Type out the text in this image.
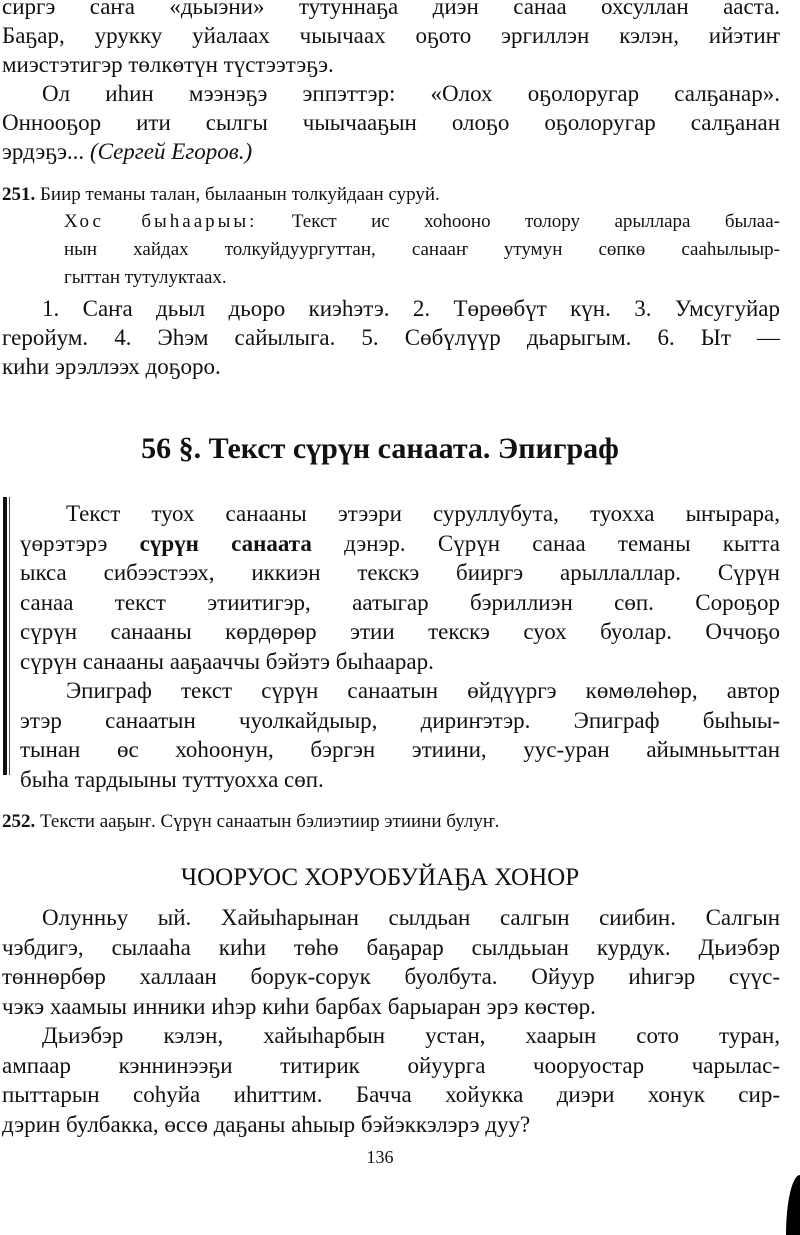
сиргэ саҥа «дьыэни» тутуннаҕа диэн санаа охсуллан ааста.
Баҕар, урукку уйалаах чыычаах оҕото эргиллэн кэлэн, ийэтиҥ
миэстэтигэр төлкөтүн түстээтэҕэ.
Ол иһин мээнэҕэ эппэттэр: «Олох оҕолоругар салҕанар».
Оннооҕор ити сылгы чыычааҕын олоҕо оҕолоругар салҕанан
эрдэҕэ... (Сергей Егоров.)
251. Биир теманы талан, былаанын толкуйдаан суруй.
Хос быһаарыы: Текст ис хоһооно толору арыллара былаа-
нын хайдах толкуйдуургуттан, санааҥ утумун сөпкө сааһылыыр-
гыттан тутулуктаах.
1. Саҥа дьыл дьоро киэһэтэ. 2. Төрөөбүт күн. 3. Умсугуйар
геройум. 4. Эһэм сайылыга. 5. Сөбүлүүр дьарыгым. 6. Ыт —
киһи эрэллээх доҕоро.
56 §. Текст сүрүн санаата. Эпиграф
Текст туох санааны этээри суруллубута, туохха ыҥырара,
үөрэтэрэ сүрүн санаата дэнэр. Сүрүн санаа теманы кытта
ыкса сибээстээх, иккиэн текскэ бииргэ арыллаллар. Сүрүн
санаа текст этиитигэр, аатыгар бэриллиэн сөп. Сороҕор
сүрүн санааны көрдөрөр этии текскэ суох буолар. Оччоҕо
сүрүн санааны ааҕааччы бэйэтэ быһаарар.
Эпиграф текст сүрүн санаатын өйдүүргэ көмөлөһөр, автор
этэр санаатын чуолкайдыыр, дириҥэтэр. Эпиграф быһыы-
тынан өс хоһоонун, бэргэн этиини, уус-уран айымньыттан
быһа тардыыны туттуохха сөп.
252. Тексти ааҕыҥ. Сүрүн санаатын бэлиэтиир этиини булуҥ.
ЧООРУОС ХОРУОБУЙАҔА ХОНОР
Олунньу ый. Хайыһарынан сылдьан салгын сиибин. Салгын
чэбдигэ, сылааһа киһи төһө баҕарар сылдьыан курдук. Дьиэбэр
төннөрбөр халлаан борук-сорук буолбута. Ойуур иһигэр сүүс-
чэкэ хаамыы инники иһэр киһи барбах барыаран эрэ көстөр.
Дьиэбэр кэлэн, хайыһарбын устан, хаарын сото туран,
ампаар кэннинээҕи титирик ойуурга чооруостар чарылас-
пыттарын соһуйа иһиттим. Бачча хойукка диэри хонук сир-
дэрин булбакка, өссө даҕаны аһыыр бэйэккэлэрэ дуу?
136
